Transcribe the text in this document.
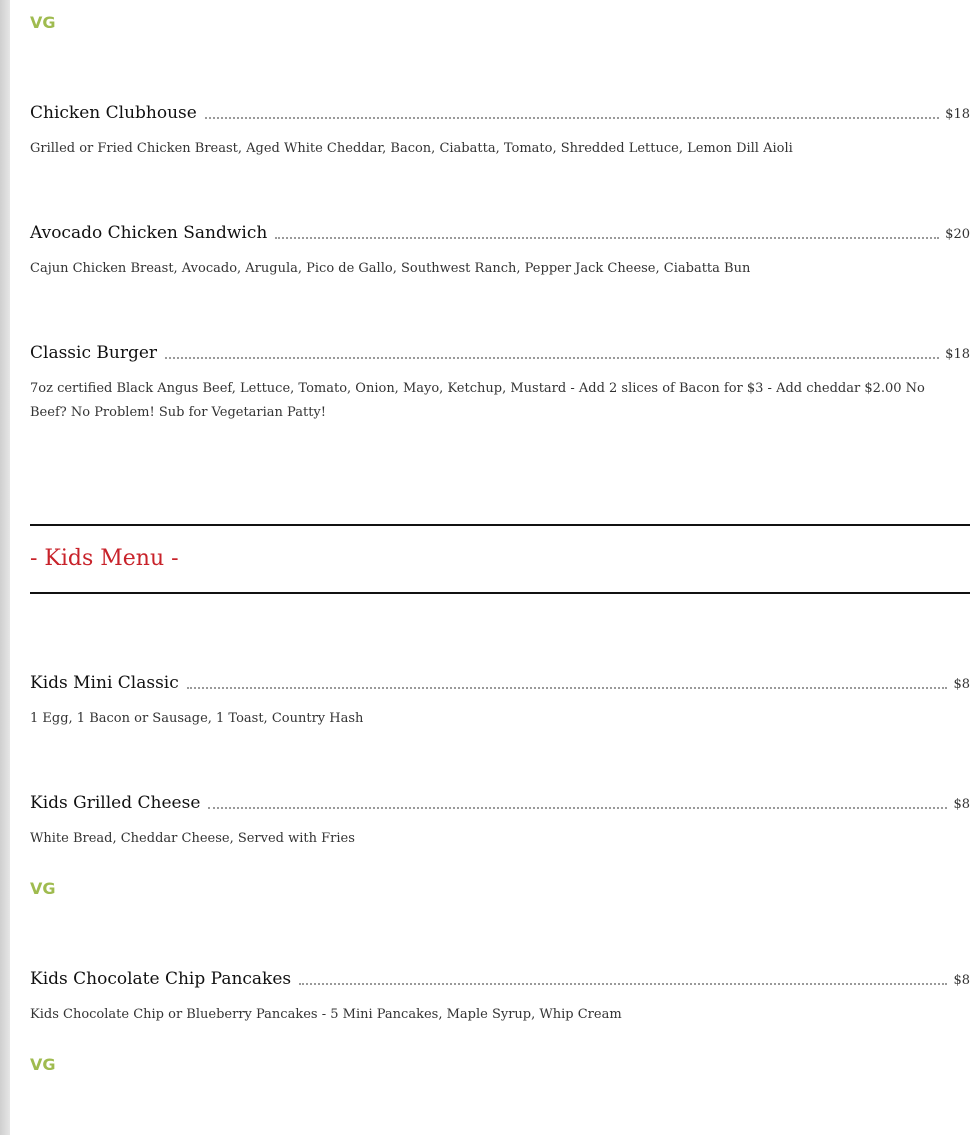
VG
Chicken Clubhouse	$18
Grilled or Fried Chicken Breast, Aged White Cheddar, Bacon, Ciabatta, Tomato, Shredded Lettuce, Lemon Dill Aioli
Avocado Chicken Sandwich	$20
Cajun Chicken Breast, Avocado, Arugula, Pico de Gallo, Southwest Ranch, Pepper Jack Cheese, Ciabatta Bun
Classic Burger	$18
7oz certified Black Angus Beef, Lettuce, Tomato, Onion, Mayo, Ketchup, Mustard - Add 2 slices of Bacon for $3 - Add cheddar $2.00 No Beef? No Problem! Sub for Vegetarian Patty!
- Kids Menu -
Kids Mini Classic	$8
1 Egg, 1 Bacon or Sausage, 1 Toast, Country Hash
Kids Grilled Cheese	$8
White Bread, Cheddar Cheese, Served with Fries
VG
Kids Chocolate Chip Pancakes	$8
Kids Chocolate Chip or Blueberry Pancakes - 5 Mini Pancakes, Maple Syrup, Whip Cream
VG
